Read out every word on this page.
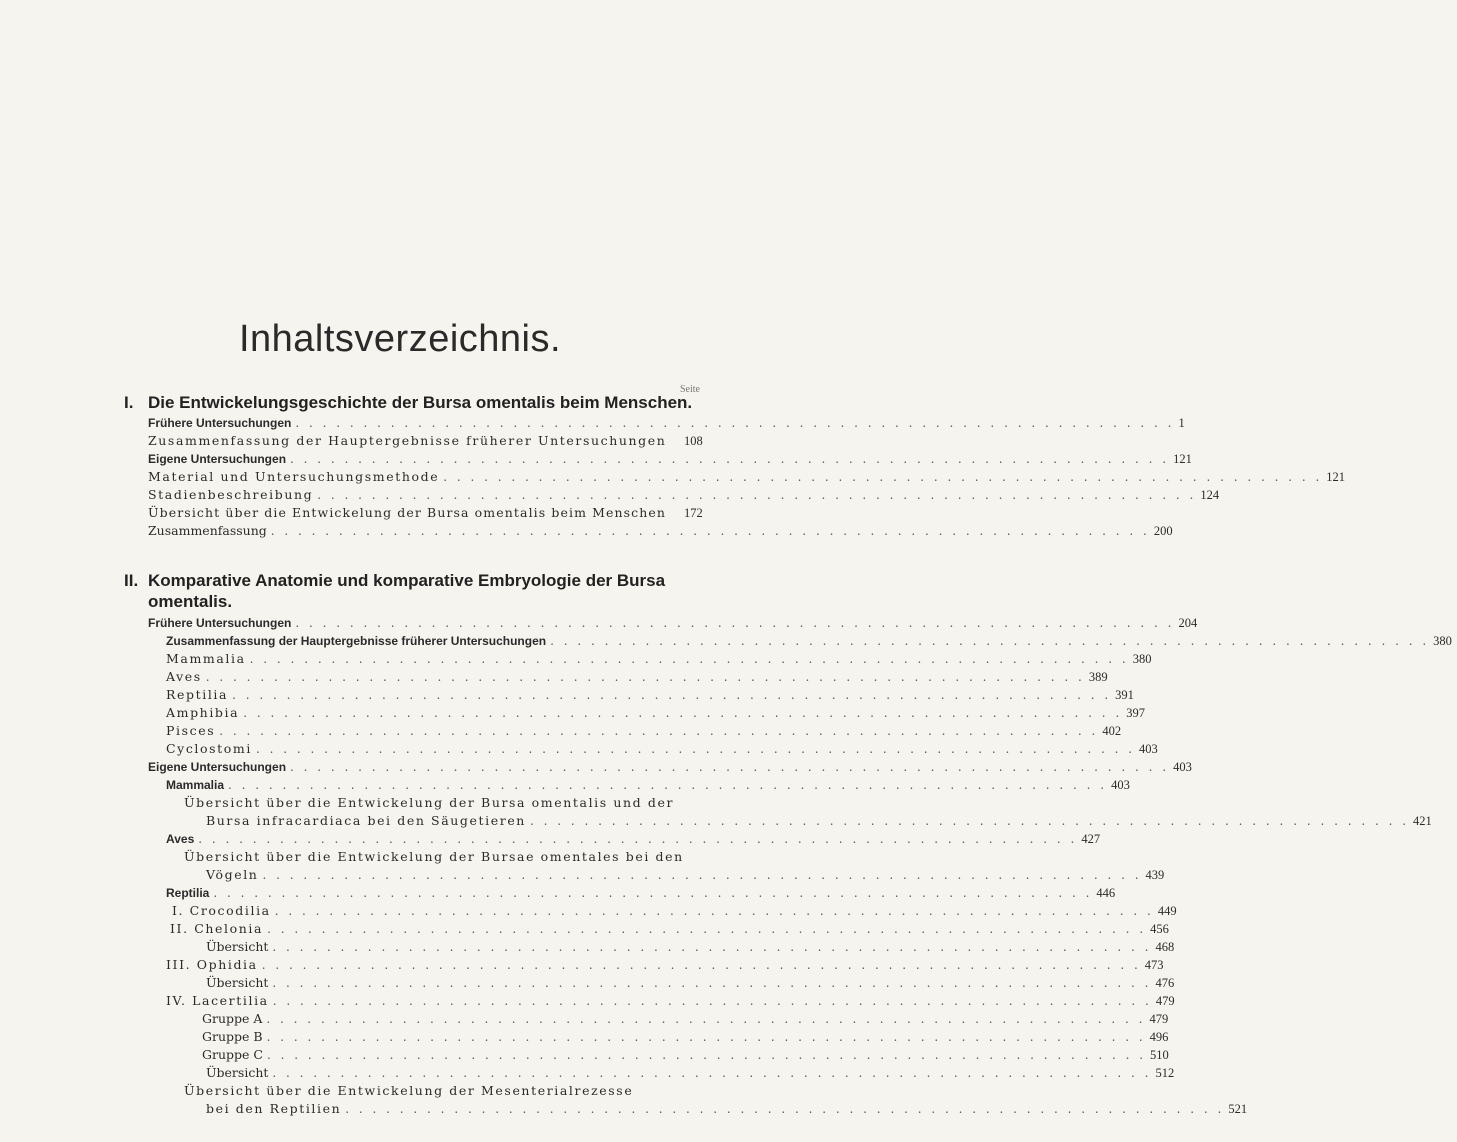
Inhaltsverzeichnis.
Seite
I. Die Entwickelungsgeschichte der Bursa omentalis beim Menschen.
Frühere Untersuchungen . . . . . . . . . . . . . . . . . . . . . . . . . . . . . . . . . . . . . . . . . . . . . . . . . . . . . . . . . . . . . . . . . 1
Zusammenfassung der Hauptergebnisse früherer Untersuchungen 108
Eigene Untersuchungen . . . . . . . . . . . . . . . . . . . . . . . . . . . . . . . . . . . . . . . . . . . . . . . . . . . . . . . . . . . . . . . . . 121
Material und Untersuchungsmethode . . . . . . . . . . . . . . . . . . . . . . . . . . . . . . . . . . . . . . . . . . . . . . . . . . . . . . . . . . . . . . . . . 121
Stadienbeschreibung . . . . . . . . . . . . . . . . . . . . . . . . . . . . . . . . . . . . . . . . . . . . . . . . . . . . . . . . . . . . . . . . . 124
Übersicht über die Entwickelung der Bursa omentalis beim Menschen 172
Zusammenfassung . . . . . . . . . . . . . . . . . . . . . . . . . . . . . . . . . . . . . . . . . . . . . . . . . . . . . . . . . . . . . . . . . 200
II. Komparative Anatomie und komparative Embryologie der Bursa
omentalis.
Frühere Untersuchungen . . . . . . . . . . . . . . . . . . . . . . . . . . . . . . . . . . . . . . . . . . . . . . . . . . . . . . . . . . . . . . . . . 204
Zusammenfassung der Hauptergebnisse früherer Untersuchungen . . . . . . . . . . . . . . . . . . . . . . . . . . . . . . . . . . . . . . . . . . . . . . . . . . . . . . . . . . . . . . . . . 380
Mammalia . . . . . . . . . . . . . . . . . . . . . . . . . . . . . . . . . . . . . . . . . . . . . . . . . . . . . . . . . . . . . . . . . 380
Aves . . . . . . . . . . . . . . . . . . . . . . . . . . . . . . . . . . . . . . . . . . . . . . . . . . . . . . . . . . . . . . . . . 389
Reptilia . . . . . . . . . . . . . . . . . . . . . . . . . . . . . . . . . . . . . . . . . . . . . . . . . . . . . . . . . . . . . . . . . 391
Amphibia . . . . . . . . . . . . . . . . . . . . . . . . . . . . . . . . . . . . . . . . . . . . . . . . . . . . . . . . . . . . . . . . . 397
Pisces . . . . . . . . . . . . . . . . . . . . . . . . . . . . . . . . . . . . . . . . . . . . . . . . . . . . . . . . . . . . . . . . . 402
Cyclostomi . . . . . . . . . . . . . . . . . . . . . . . . . . . . . . . . . . . . . . . . . . . . . . . . . . . . . . . . . . . . . . . . . 403
Eigene Untersuchungen . . . . . . . . . . . . . . . . . . . . . . . . . . . . . . . . . . . . . . . . . . . . . . . . . . . . . . . . . . . . . . . . . 403
Mammalia . . . . . . . . . . . . . . . . . . . . . . . . . . . . . . . . . . . . . . . . . . . . . . . . . . . . . . . . . . . . . . . . . 403
Übersicht über die Entwickelung der Bursa omentalis und der
Bursa infracardiaca bei den Säugetieren . . . . . . . . . . . . . . . . . . . . . . . . . . . . . . . . . . . . . . . . . . . . . . . . . . . . . . . . . . . . . . . . . 421
Aves . . . . . . . . . . . . . . . . . . . . . . . . . . . . . . . . . . . . . . . . . . . . . . . . . . . . . . . . . . . . . . . . . 427
Übersicht über die Entwickelung der Bursae omentales bei den
Vögeln . . . . . . . . . . . . . . . . . . . . . . . . . . . . . . . . . . . . . . . . . . . . . . . . . . . . . . . . . . . . . . . . . 439
Reptilia . . . . . . . . . . . . . . . . . . . . . . . . . . . . . . . . . . . . . . . . . . . . . . . . . . . . . . . . . . . . . . . . . 446
I. Crocodilia . . . . . . . . . . . . . . . . . . . . . . . . . . . . . . . . . . . . . . . . . . . . . . . . . . . . . . . . . . . . . . . . . 449
II. Chelonia . . . . . . . . . . . . . . . . . . . . . . . . . . . . . . . . . . . . . . . . . . . . . . . . . . . . . . . . . . . . . . . . . 456
Übersicht . . . . . . . . . . . . . . . . . . . . . . . . . . . . . . . . . . . . . . . . . . . . . . . . . . . . . . . . . . . . . . . . . 468
III. Ophidia . . . . . . . . . . . . . . . . . . . . . . . . . . . . . . . . . . . . . . . . . . . . . . . . . . . . . . . . . . . . . . . . . 473
Übersicht . . . . . . . . . . . . . . . . . . . . . . . . . . . . . . . . . . . . . . . . . . . . . . . . . . . . . . . . . . . . . . . . . 476
IV. Lacertilia . . . . . . . . . . . . . . . . . . . . . . . . . . . . . . . . . . . . . . . . . . . . . . . . . . . . . . . . . . . . . . . . . 479
Gruppe A . . . . . . . . . . . . . . . . . . . . . . . . . . . . . . . . . . . . . . . . . . . . . . . . . . . . . . . . . . . . . . . . . 479
Gruppe B . . . . . . . . . . . . . . . . . . . . . . . . . . . . . . . . . . . . . . . . . . . . . . . . . . . . . . . . . . . . . . . . . 496
Gruppe C . . . . . . . . . . . . . . . . . . . . . . . . . . . . . . . . . . . . . . . . . . . . . . . . . . . . . . . . . . . . . . . . . 510
Übersicht . . . . . . . . . . . . . . . . . . . . . . . . . . . . . . . . . . . . . . . . . . . . . . . . . . . . . . . . . . . . . . . . . 512
Übersicht über die Entwickelung der Mesenterialrezesse
bei den Reptilien . . . . . . . . . . . . . . . . . . . . . . . . . . . . . . . . . . . . . . . . . . . . . . . . . . . . . . . . . . . . . . . . . 521
